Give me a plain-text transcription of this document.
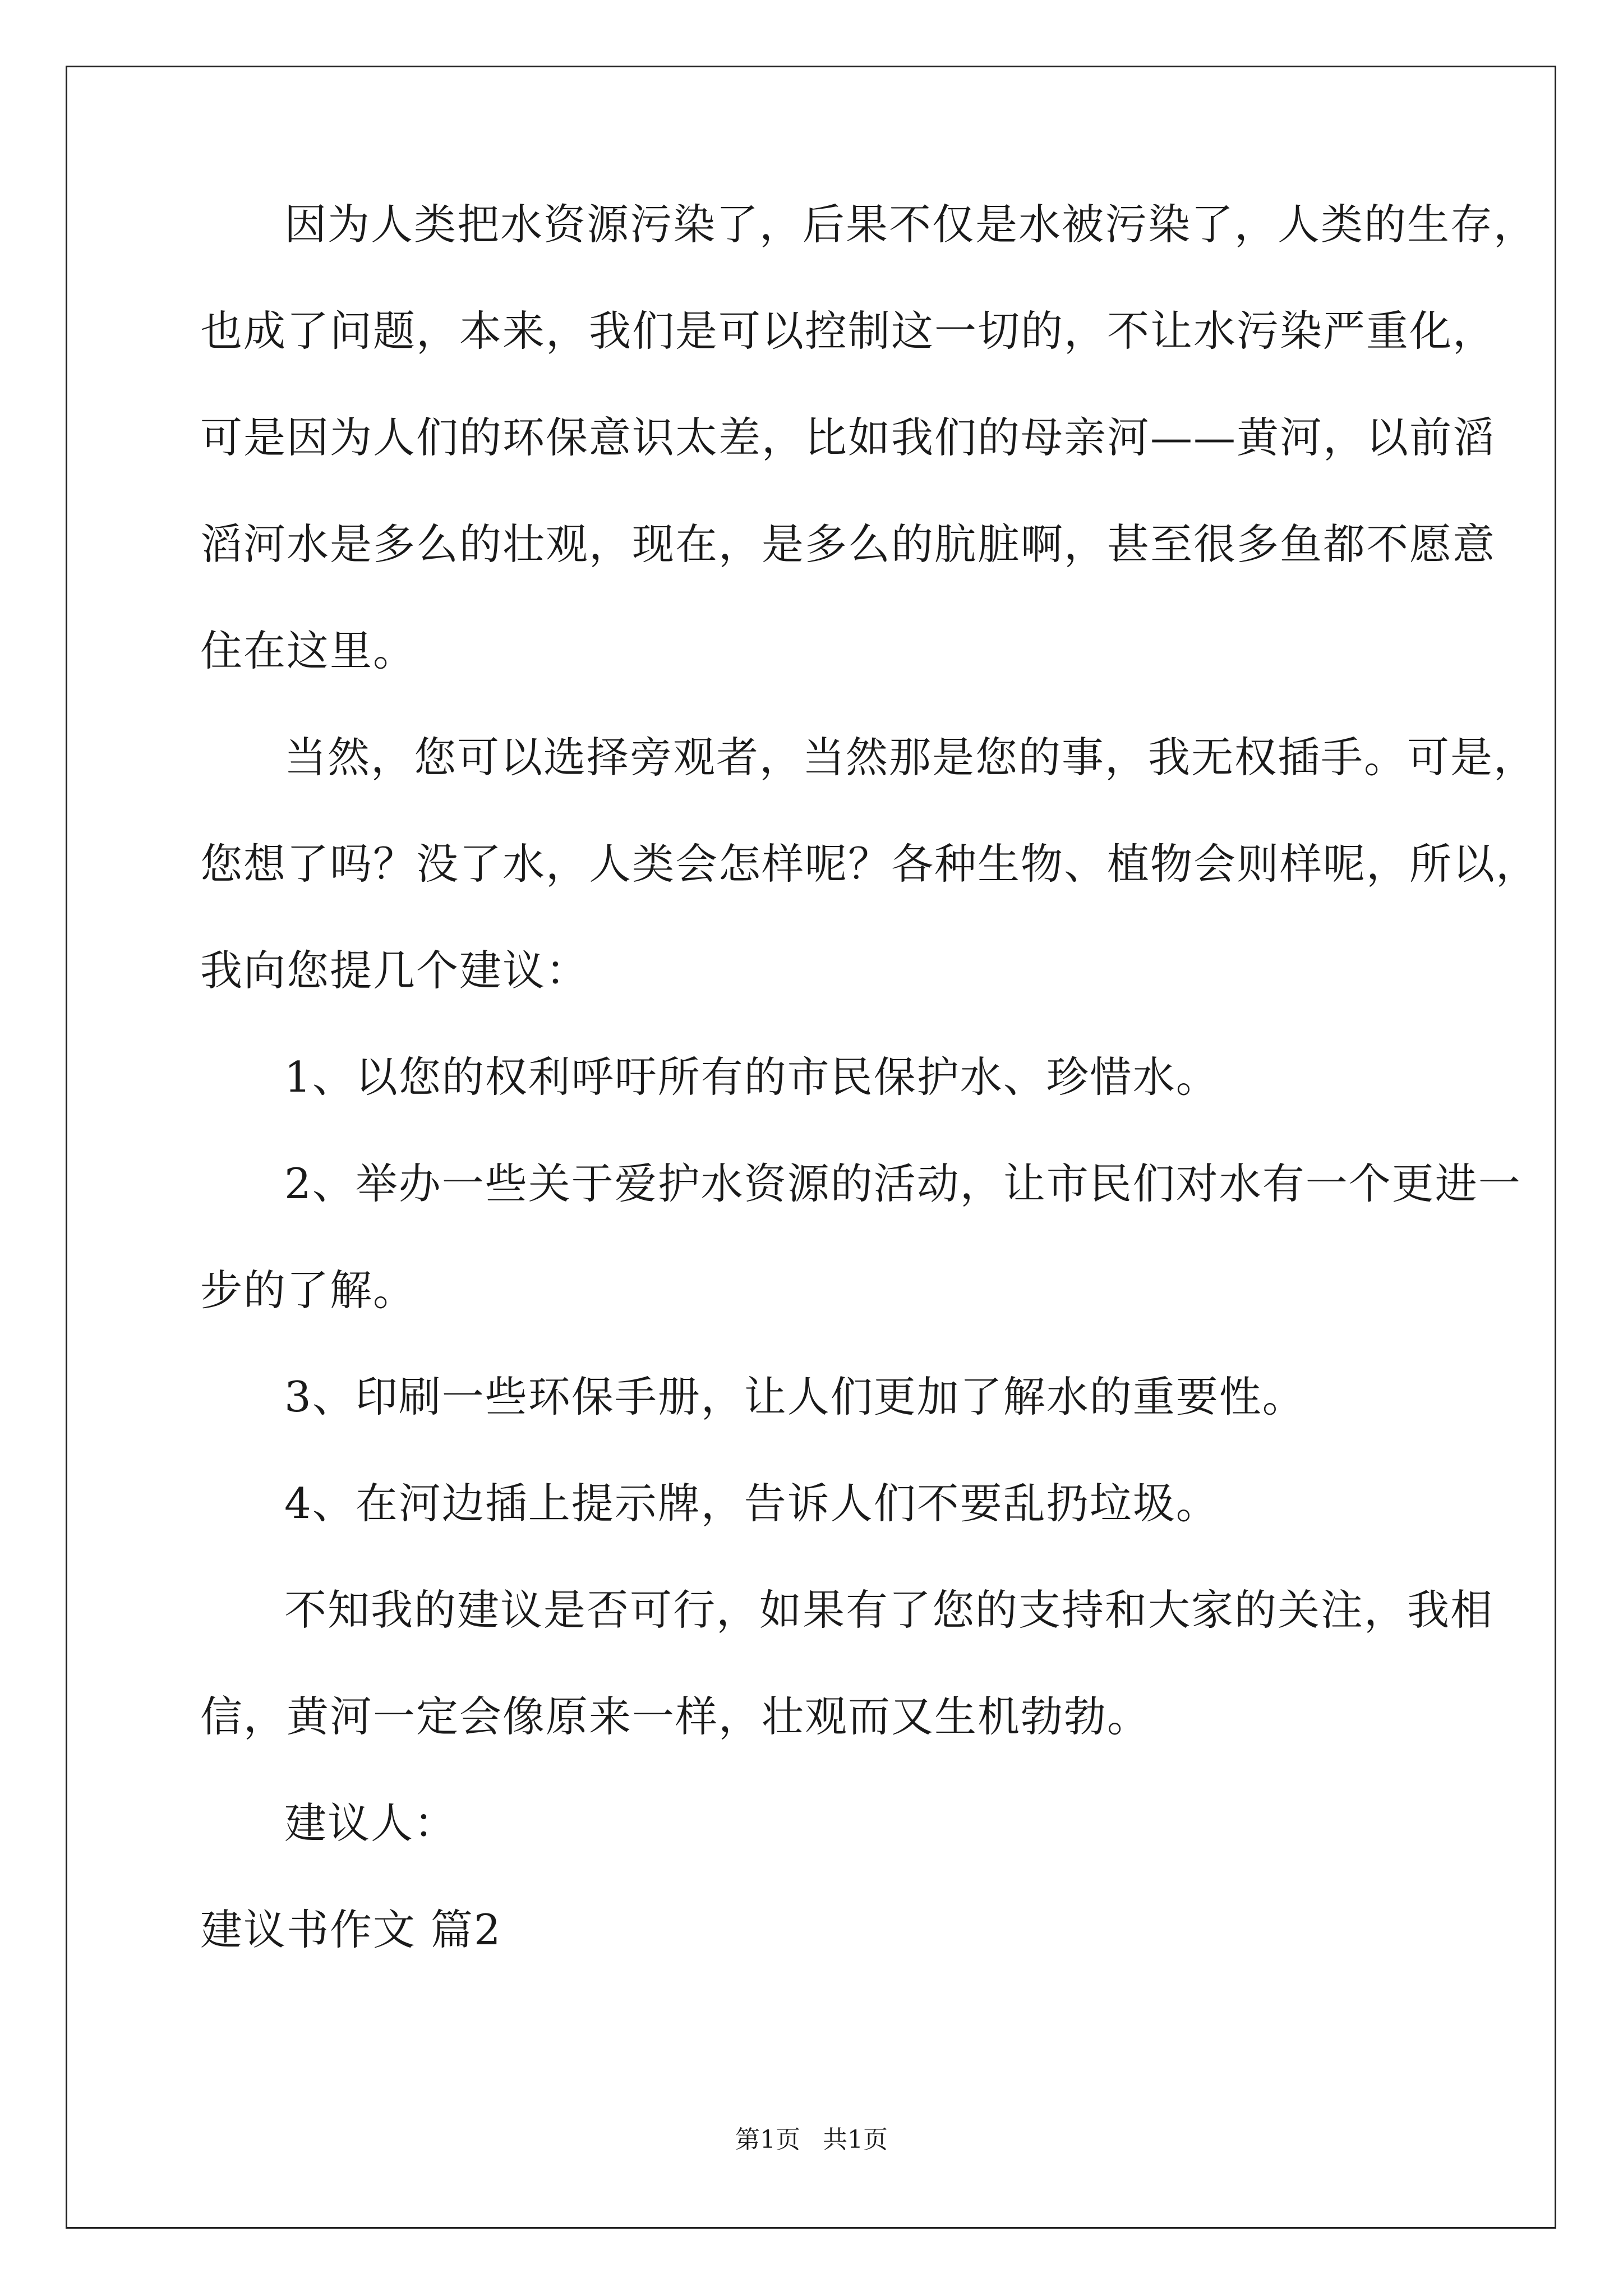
因为人类把水资源污染了，后果不仅是水被污染了，人类的生存，
也成了问题，本来，我们是可以控制这一切的，不让水污染严重化，
可是因为人们的环保意识太差，比如我们的母亲河——黄河，以前滔
滔河水是多么的壮观，现在，是多么的肮脏啊，甚至很多鱼都不愿意
住在这里。
当然，您可以选择旁观者，当然那是您的事，我无权插手。可是，
您想了吗？没了水，人类会怎样呢？各种生物、植物会则样呢，所以，
我向您提几个建议：
1、以您的权利呼吁所有的市民保护水、珍惜水。
2、举办一些关于爱护水资源的活动，让市民们对水有一个更进一
步的了解。
3、印刷一些环保手册，让人们更加了解水的重要性。
4、在河边插上提示牌，告诉人们不要乱扔垃圾。
不知我的建议是否可行，如果有了您的支持和大家的关注，我相
信，黄河一定会像原来一样，壮观而又生机勃勃。
建议人：
建议书作文 篇2
第1页 共1页
